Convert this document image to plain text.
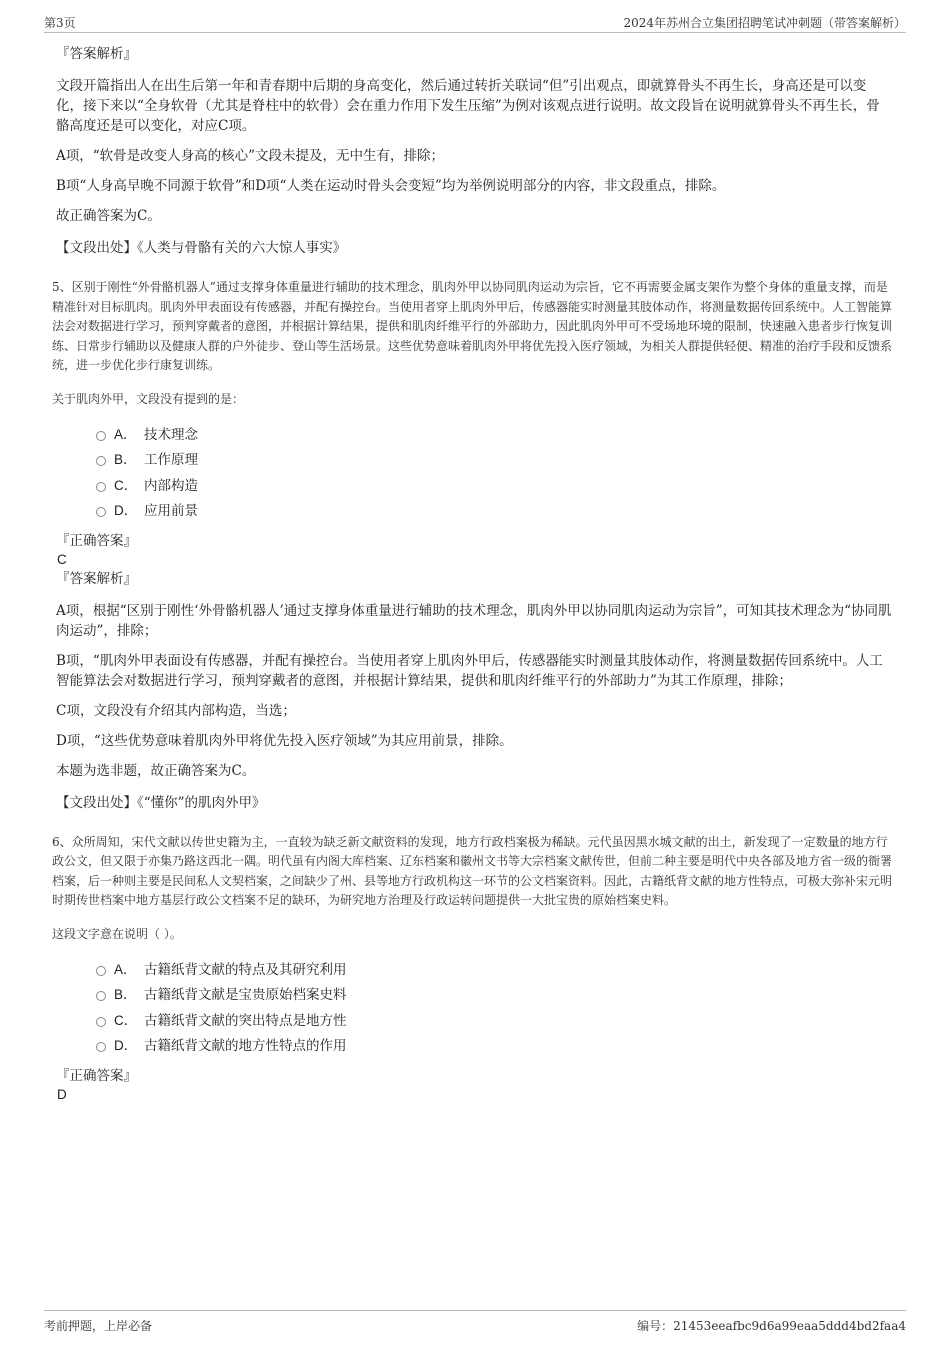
第3页	2024年苏州合立集团招聘笔试冲刺题（带答案解析）
『答案解析』

文段开篇指出人在出生后第一年和青春期中后期的身高变化，然后通过转折关联词“但”引出观点，即就算骨头不再生长，身高还是可以变化，接下来以“全身软骨（尤其是脊柱中的软骨）会在重力作用下发生压缩”为例对该观点进行说明。故文段旨在说明就算骨头不再生长，骨骼高度还是可以变化，对应C项。

A项，“软骨是改变人身高的核心”文段未提及，无中生有，排除；

B项“人身高早晚不同源于软骨”和D项“人类在运动时骨头会变短”均为举例说明部分的内容，非文段重点，排除。

故正确答案为C。

【文段出处】《人类与骨骼有关的六大惊人事实》
5、区别于刚性“外骨骼机器人”通过支撑身体重量进行辅助的技术理念，肌肉外甲以协同肌肉运动为宗旨，它不再需要金属支架作为整个身体的重量支撑，而是精准针对目标肌肉。肌肉外甲表面设有传感器，并配有操控台。当使用者穿上肌肉外甲后，传感器能实时测量其肢体动作，将测量数据传回系统中。人工智能算法会对数据进行学习，预判穿戴者的意图，并根据计算结果，提供和肌肉纤维平行的外部助力，因此肌肉外甲可不受场地环境的限制，快速融入患者步行恢复训练、日常步行辅助以及健康人群的户外徒步、登山等生活场景。这些优势意味着肌肉外甲将优先投入医疗领域，为相关人群提供轻便、精准的治疗手段和反馈系统，进一步优化步行康复训练。
关于肌肉外甲，文段没有提到的是：
A． 技术理念
B． 工作原理
C． 内部构造
D． 应用前景
『正确答案』
C
『答案解析』

A项，根据“区别于刚性‘外骨骼机器人’通过支撑身体重量进行辅助的技术理念，肌肉外甲以协同肌肉运动为宗旨”，可知其技术理念为“协同肌肉运动”，排除；

B项，“肌肉外甲表面设有传感器，并配有操控台。当使用者穿上肌肉外甲后，传感器能实时测量其肢体动作，将测量数据传回系统中。人工智能算法会对数据进行学习，预判穿戴者的意图，并根据计算结果，提供和肌肉纤维平行的外部助力”为其工作原理，排除；

C项，文段没有介绍其内部构造，当选；

D项，“这些优势意味着肌肉外甲将优先投入医疗领域”为其应用前景，排除。

本题为选非题，故正确答案为C。

【文段出处】《“懂你”的肌肉外甲》
6、众所周知，宋代文献以传世史籍为主，一直较为缺乏新文献资料的发现，地方行政档案极为稀缺。元代虽因黑水城文献的出土，新发现了一定数量的地方行政公文，但又限于亦集乃路这西北一隅。明代虽有内阁大库档案、辽东档案和徽州文书等大宗档案文献传世，但前二种主要是明代中央各部及地方省一级的衙署档案，后一种则主要是民间私人文契档案，之间缺少了州、县等地方行政机构这一环节的公文档案资料。因此，古籍纸背文献的地方性特点，可极大弥补宋元明时期传世档案中地方基层行政公文档案不足的缺环，为研究地方治理及行政运转问题提供一大批宝贵的原始档案史料。
这段文字意在说明（ ）。
A． 古籍纸背文献的特点及其研究利用
B． 古籍纸背文献是宝贵原始档案史料
C． 古籍纸背文献的突出特点是地方性
D． 古籍纸背文献的地方性特点的作用
『正确答案』
D
考前押题，上岸必备	编号：21453eeafbc9d6a99eaa5ddd4bd2faa4
